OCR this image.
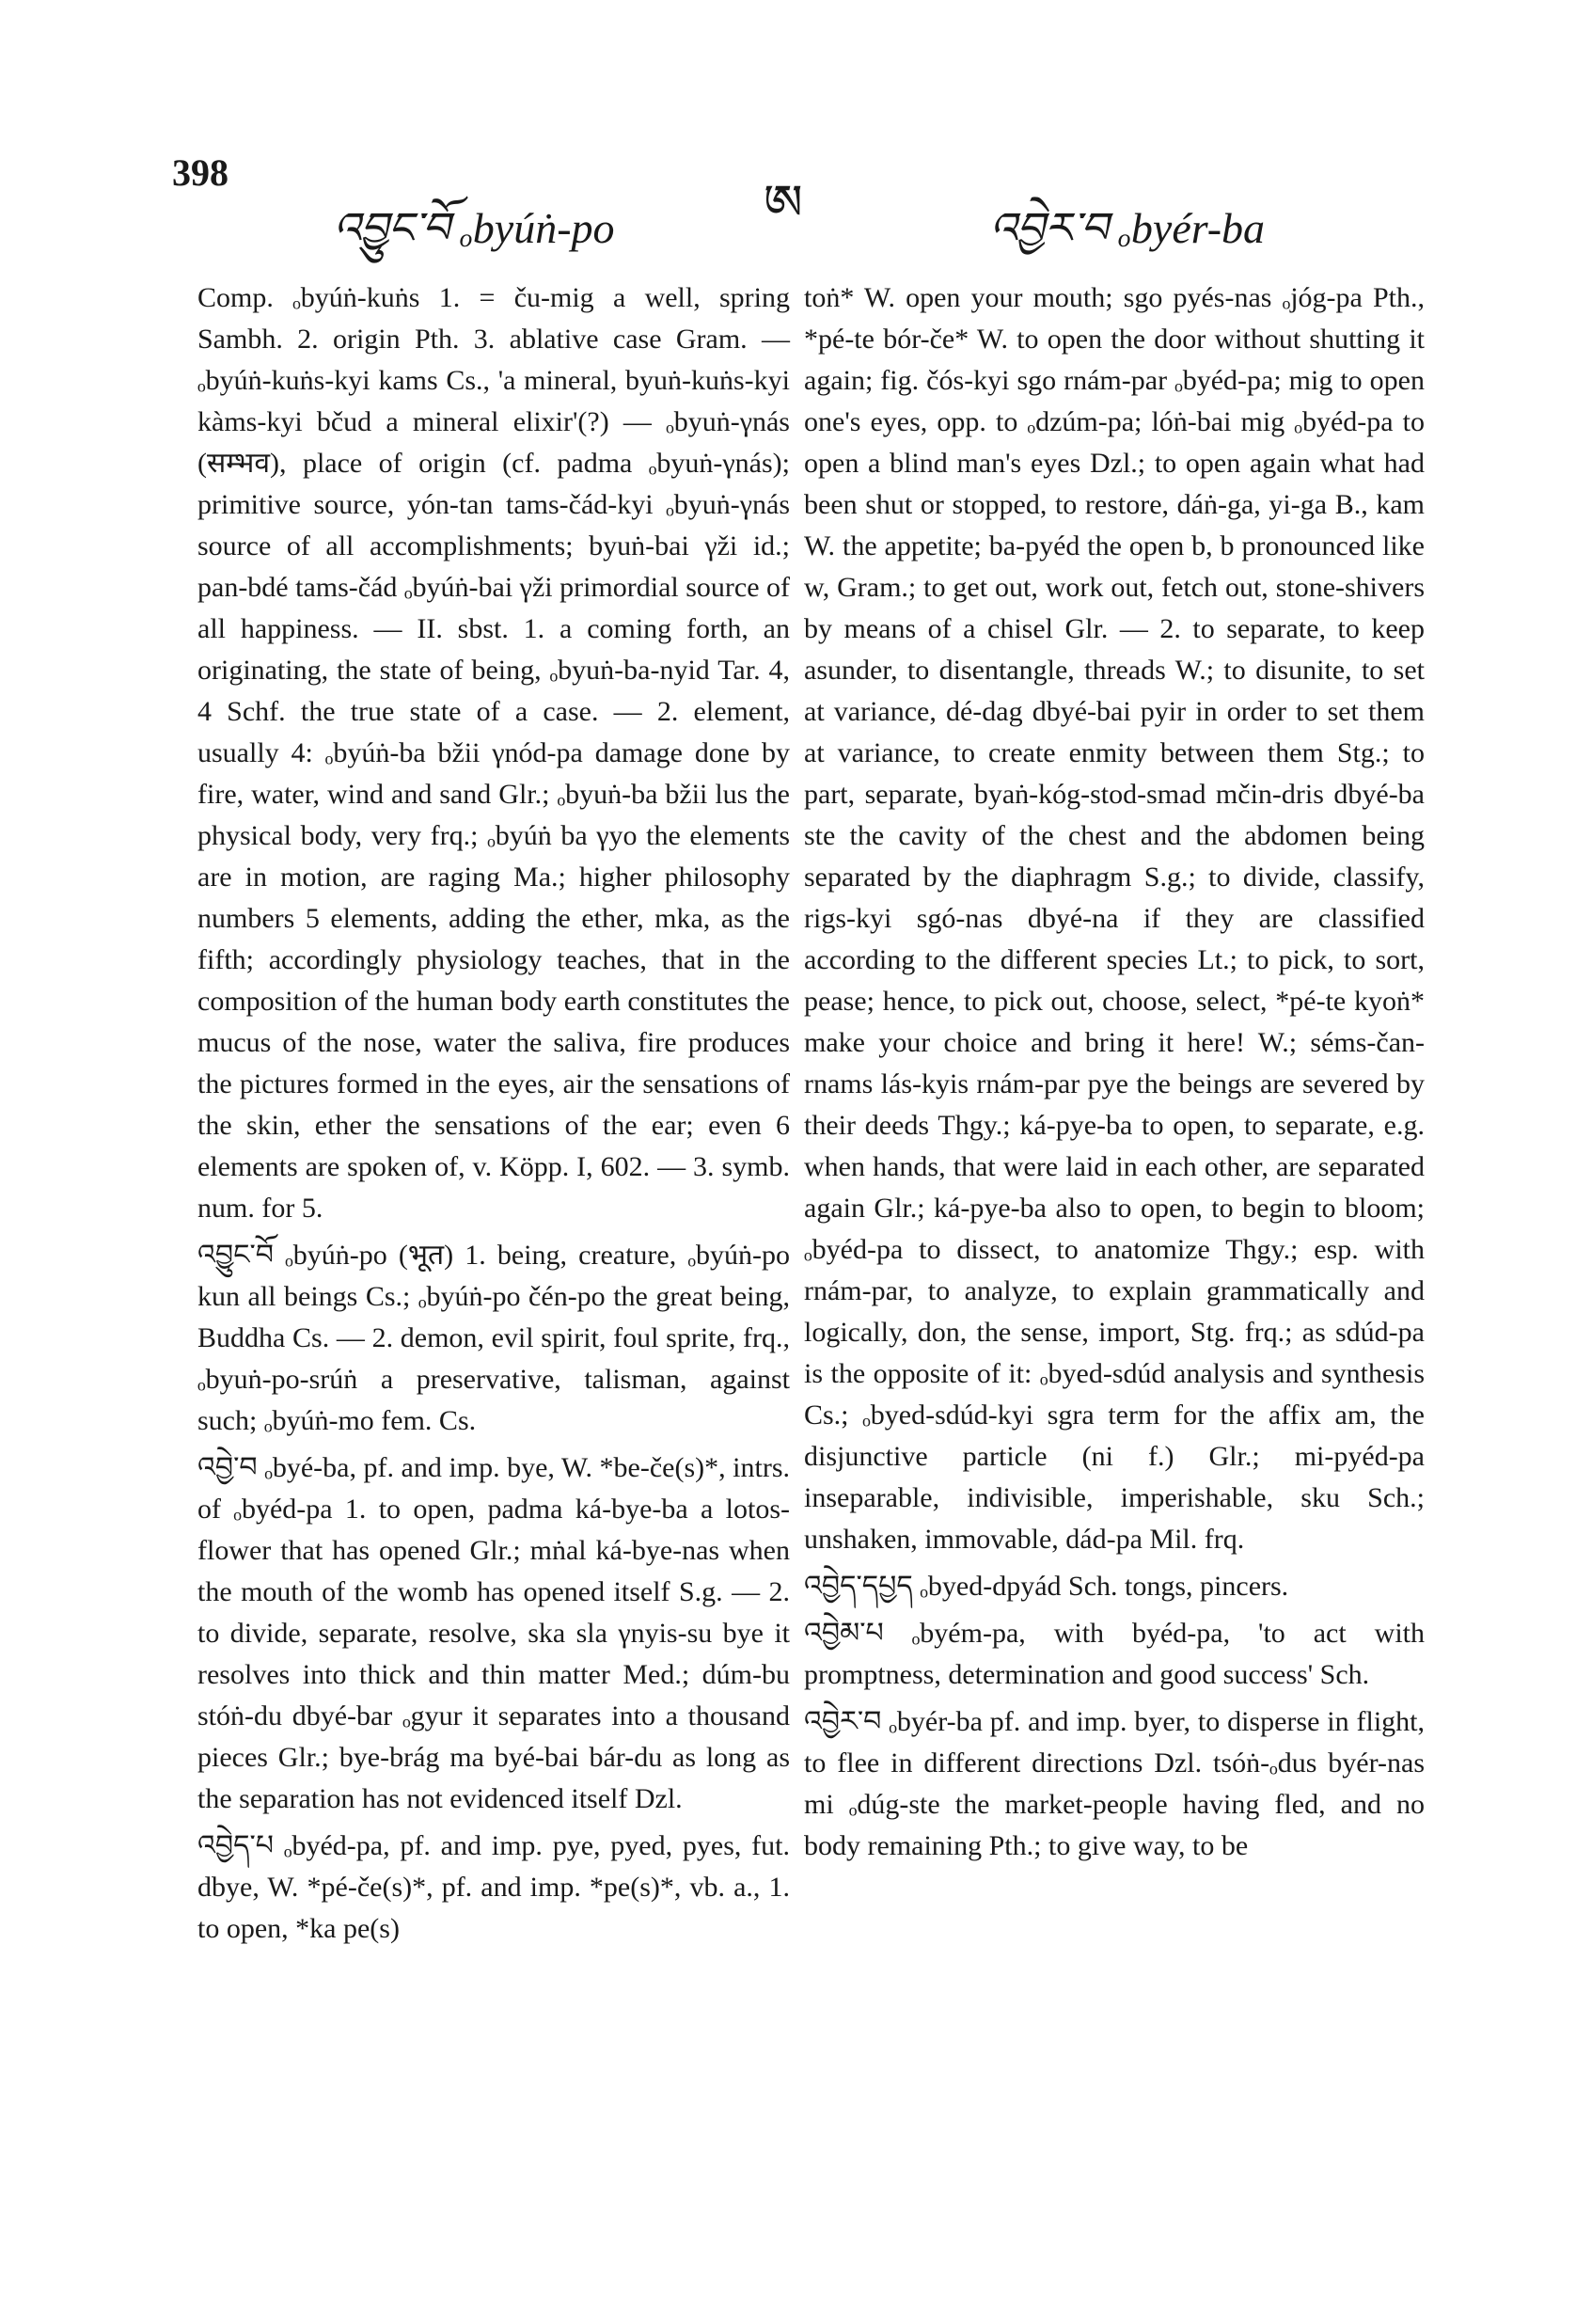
398
ཨ
འབྱུང་བོ ₒbyúṅ-po	འབྱེར་བ ₒbyér-ba

Comp. ₒbyúṅ-kuṅs 1. = ču-mig a well, spring Sambh. 2. origin Pth. 3. ablative case Gram. — ₒbyúṅ-kuṅs-kyi kams Cs., 'a mineral, byuṅ-kuṅs-kyi kàms-kyi bčud a mineral elixir'(?) — ₒbyuṅ-γnás (सम्भव), place of origin (cf. padma ₒbyuṅ-γnás); primitive source, yón-tan tams-čád-kyi ₒbyuṅ-γnás source of all accomplishments; byuṅ-bai γži id.; pan-bdé tams-čád ₒbyúṅ-bai γži primordial source of all happiness. — II. sbst. 1. a coming forth, an originating, the state of being, ₒbyuṅ-ba-nyid Tar. 4, 4 Schf. the true state of a case. — 2. element, usually 4: ₒbyúṅ-ba bžii γnód-pa damage done by fire, water, wind and sand Glr.; ₒbyuṅ-ba bžii lus the physical body, very frq.; ₒbyúṅ ba γyo the elements are in motion, are raging Ma.; higher philosophy numbers 5 elements, adding the ether, mka, as the fifth; accordingly physiology teaches, that in the composition of the human body earth constitutes the mucus of the nose, water the saliva, fire produces the pictures formed in the eyes, air the sensations of the skin, ether the sensations of the ear; even 6 elements are spoken of, v. Köpp. I, 602. — 3. symb. num. for 5.

འབྱུང་བོ ₒbyúṅ-po (भूत) 1. being, creature, ₒbyúṅ-po kun all beings Cs.; ₒbyúṅ-po čén-po the great being, Buddha Cs. — 2. demon, evil spirit, foul sprite, frq., ₒbyuṅ-po-srúṅ a preservative, talisman, against such; ₒbyúṅ-mo fem. Cs.

འབྱེ་བ ₒbyé-ba, pf. and imp. bye, W. *be-če(s)*, intrs. of ₒbyéd-pa 1. to open, padma ká-bye-ba a lotos-flower that has opened Glr.; mṅal ká-bye-nas when the mouth of the womb has opened itself S.g. — 2. to divide, separate, resolve, ska sla γnyis-su bye it resolves into thick and thin matter Med.; dúm-bu stóṅ-du dbyé-bar ₒgyur it separates into a thousand pieces Glr.; bye-brág ma byé-bai bár-du as long as the separation has not evidenced itself Dzl.

འབྱེད་པ ₒbyéd-pa, pf. and imp. pye, pyed, pyes, fut. dbye, W. *pé-če(s)*, pf. and imp. *pe(s)*, vb. a., 1. to open, *ka pe(s)

toṅ* W. open your mouth; sgo pyés-nas ₒjóg-pa Pth., *pé-te bór-če* W. to open the door without shutting it again; fig. čós-kyi sgo rnám-par ₒbyéd-pa; mig to open one's eyes, opp. to ₒdzúm-pa; lóṅ-bai mig ₒbyéd-pa to open a blind man's eyes Dzl.; to open again what had been shut or stopped, to restore, dáṅ-ga, yi-ga B., kam W. the appetite; ba-pyéd the open b, b pronounced like w, Gram.; to get out, work out, fetch out, stone-shivers by means of a chisel Glr. — 2. to separate, to keep asunder, to disentangle, threads W.; to disunite, to set at variance, dé-dag dbyé-bai pyir in order to set them at variance, to create enmity between them Stg.; to part, separate, byaṅ-kóg-stod-smad mčin-dris dbyé-ba ste the cavity of the chest and the abdomen being separated by the diaphragm S.g.; to divide, classify, rigs-kyi sgó-nas dbyé-na if they are classified according to the different species Lt.; to pick, to sort, pease; hence, to pick out, choose, select, *pé-te kyoṅ* make your choice and bring it here! W.; séms-čan-rnams lás-kyis rnám-par pye the beings are severed by their deeds Thgy.; ká-pye-ba to open, to separate, e.g. when hands, that were laid in each other, are separated again Glr.; ká-pye-ba also to open, to begin to bloom; ₒbyéd-pa to dissect, to anatomize Thgy.; esp. with rnám-par, to analyze, to explain grammatically and logically, don, the sense, import, Stg. frq.; as sdúd-pa is the opposite of it: ₒbyed-sdúd analysis and synthesis Cs.; ₒbyed-sdúd-kyi sgra term for the affix am, the disjunctive particle (ni f.) Glr.; mi-pyéd-pa inseparable, indivisible, imperishable, sku Sch.; unshaken, immovable, dád-pa Mil. frq.

འབྱེད་དཔྱད ₒbyed-dpyád Sch. tongs, pincers.

འབྱེམ་པ ₒbyém-pa, with byéd-pa, 'to act with promptness, determination and good success' Sch.

འབྱེར་བ ₒbyér-ba pf. and imp. byer, to disperse in flight, to flee in different directions Dzl. tsóṅ-ₒdus byér-nas mi ₒdúg-ste the market-people having fled, and no body remaining Pth.; to give way, to be
